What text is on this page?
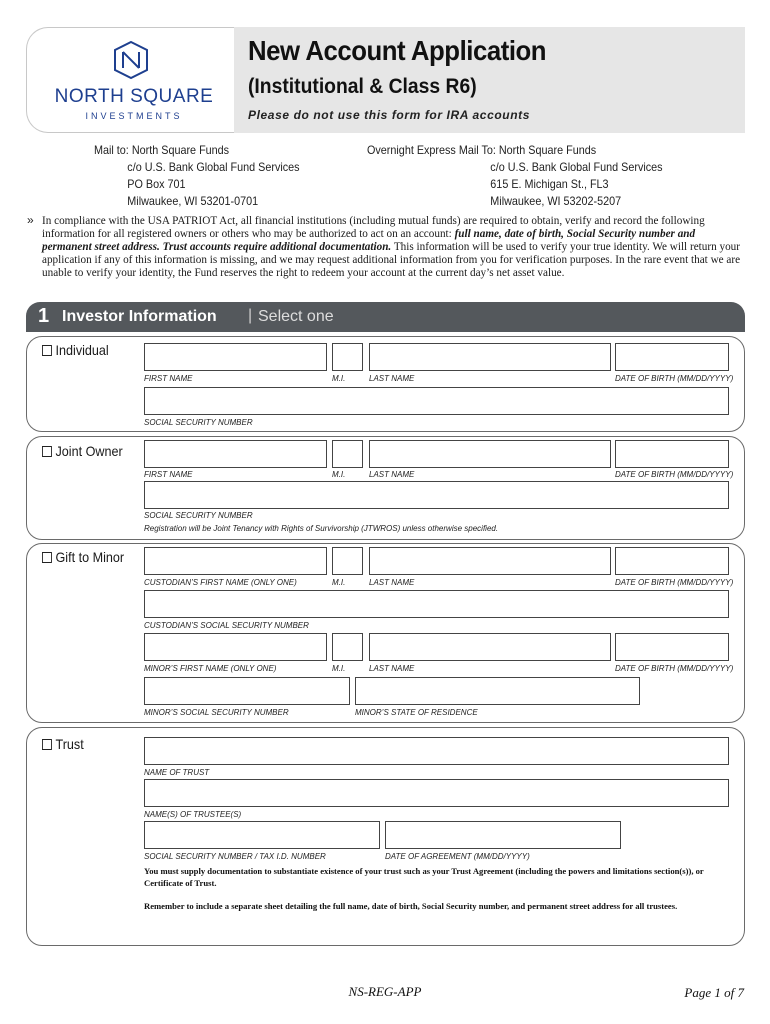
NORTH SQUARE
INVESTMENTS
New Account Application
(Institutional & Class R6)
Please do not use this form for IRA accounts
Mail to: North Square Funds
c/o U.S. Bank Global Fund Services
PO Box 701
Milwaukee, WI 53201-0701
Overnight Express Mail To: North Square Funds
c/o U.S. Bank Global Fund Services
615 E. Michigan St., FL3
Milwaukee, WI 53202-5207
» In compliance with the USA PATRIOT Act, all financial institutions (including mutual funds) are required to obtain, verify and record the following information for all registered owners or others who may be authorized to act on an account: full name, date of birth, Social Security number and permanent street address. Trust accounts require additional documentation. This information will be used to verify your true identity. We will return your application if any of this information is missing, and we may request additional information from you for verification purposes. In the rare event that we are unable to verify your identity, the Fund reserves the right to redeem your account at the current day’s net asset value.
1 Investor Information | Select one
Individual
FIRST NAME	M.I.	LAST NAME	DATE OF BIRTH (MM/DD/YYYY)
SOCIAL SECURITY NUMBER
Joint Owner
FIRST NAME	M.I.	LAST NAME	DATE OF BIRTH (MM/DD/YYYY)
SOCIAL SECURITY NUMBER
Registration will be Joint Tenancy with Rights of Survivorship (JTWROS) unless otherwise specified.
Gift to Minor
CUSTODIAN’S FIRST NAME (ONLY ONE)	M.I.	LAST NAME	DATE OF BIRTH (MM/DD/YYYY)
CUSTODIAN’S SOCIAL SECURITY NUMBER
MINOR’S FIRST NAME (ONLY ONE)	M.I.	LAST NAME	DATE OF BIRTH (MM/DD/YYYY)
MINOR’S SOCIAL SECURITY NUMBER	MINOR’S STATE OF RESIDENCE
Trust
NAME OF TRUST
NAME(S) OF TRUSTEE(S)
SOCIAL SECURITY NUMBER / TAX I.D. NUMBER	DATE OF AGREEMENT (MM/DD/YYYY)
You must supply documentation to substantiate existence of your trust such as your Trust Agreement (including the powers and limitations section(s)), or Certificate of Trust.
Remember to include a separate sheet detailing the full name, date of birth, Social Security number, and permanent street address for all trustees.
NS-REG-APP	Page 1 of 7
